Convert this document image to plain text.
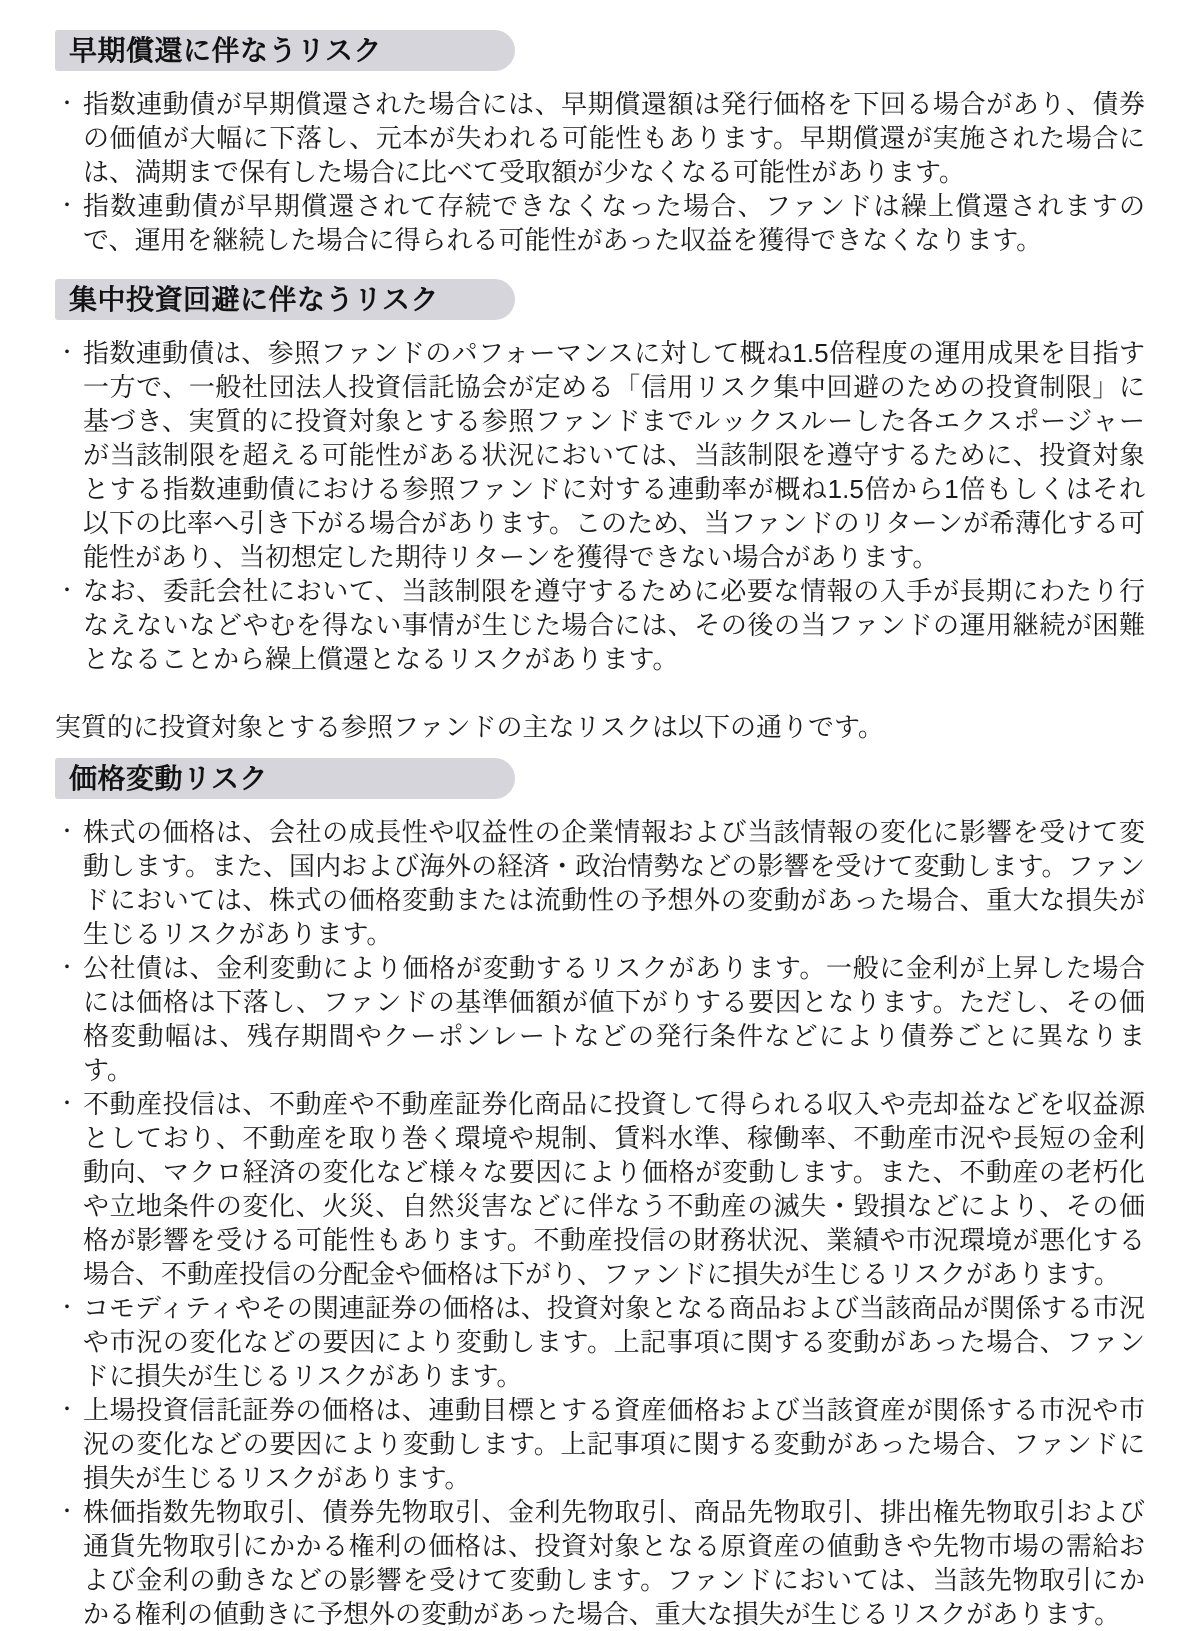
早期償還に伴なうリスク
・ 指数連動債が早期償還された場合には、早期償還額は発行価格を下回る場合があり、債券の価値が大幅に下落し、元本が失われる可能性もあります。早期償還が実施された場合には、満期まで保有した場合に比べて受取額が少なくなる可能性があります。
・ 指数連動債が早期償還されて存続できなくなった場合、ファンドは繰上償還されますので、運用を継続した場合に得られる可能性があった収益を獲得できなくなります。
集中投資回避に伴なうリスク
・ 指数連動債は、参照ファンドのパフォーマンスに対して概ね1.5倍程度の運用成果を目指す一方で、一般社団法人投資信託協会が定める「信用リスク集中回避のための投資制限」に基づき、実質的に投資対象とする参照ファンドまでルックスルーした各エクスポージャーが当該制限を超える可能性がある状況においては、当該制限を遵守するために、投資対象とする指数連動債における参照ファンドに対する連動率が概ね1.5倍から1倍もしくはそれ以下の比率へ引き下がる場合があります。このため、当ファンドのリターンが希薄化する可能性があり、当初想定した期待リターンを獲得できない場合があります。
・ なお、委託会社において、当該制限を遵守するために必要な情報の入手が長期にわたり行なえないなどやむを得ない事情が生じた場合には、その後の当ファンドの運用継続が困難となることから繰上償還となるリスクがあります。

実質的に投資対象とする参照ファンドの主なリスクは以下の通りです。

価格変動リスク
・ 株式の価格は、会社の成長性や収益性の企業情報および当該情報の変化に影響を受けて変動します。また、国内および海外の経済・政治情勢などの影響を受けて変動します。ファンドにおいては、株式の価格変動または流動性の予想外の変動があった場合、重大な損失が生じるリスクがあります。
・ 公社債は、金利変動により価格が変動するリスクがあります。一般に金利が上昇した場合には価格は下落し、ファンドの基準価額が値下がりする要因となります。ただし、その価格変動幅は、残存期間やクーポンレートなどの発行条件などにより債券ごとに異なります。
・ 不動産投信は、不動産や不動産証券化商品に投資して得られる収入や売却益などを収益源としており、不動産を取り巻く環境や規制、賃料水準、稼働率、不動産市況や長短の金利動向、マクロ経済の変化など様々な要因により価格が変動します。また、不動産の老朽化や立地条件の変化、火災、自然災害などに伴なう不動産の滅失・毀損などにより、その価格が影響を受ける可能性もあります。不動産投信の財務状況、業績や市況環境が悪化する場合、不動産投信の分配金や価格は下がり、ファンドに損失が生じるリスクがあります。
・ コモディティやその関連証券の価格は、投資対象となる商品および当該商品が関係する市況や市況の変化などの要因により変動します。上記事項に関する変動があった場合、ファンドに損失が生じるリスクがあります。
・ 上場投資信託証券の価格は、連動目標とする資産価格および当該資産が関係する市況や市況の変化などの要因により変動します。上記事項に関する変動があった場合、ファンドに損失が生じるリスクがあります。
・ 株価指数先物取引、債券先物取引、金利先物取引、商品先物取引、排出権先物取引および通貨先物取引にかかる権利の価格は、投資対象となる原資産の値動きや先物市場の需給および金利の動きなどの影響を受けて変動します。ファンドにおいては、当該先物取引にかかる権利の値動きに予想外の変動があった場合、重大な損失が生じるリスクがあります。
